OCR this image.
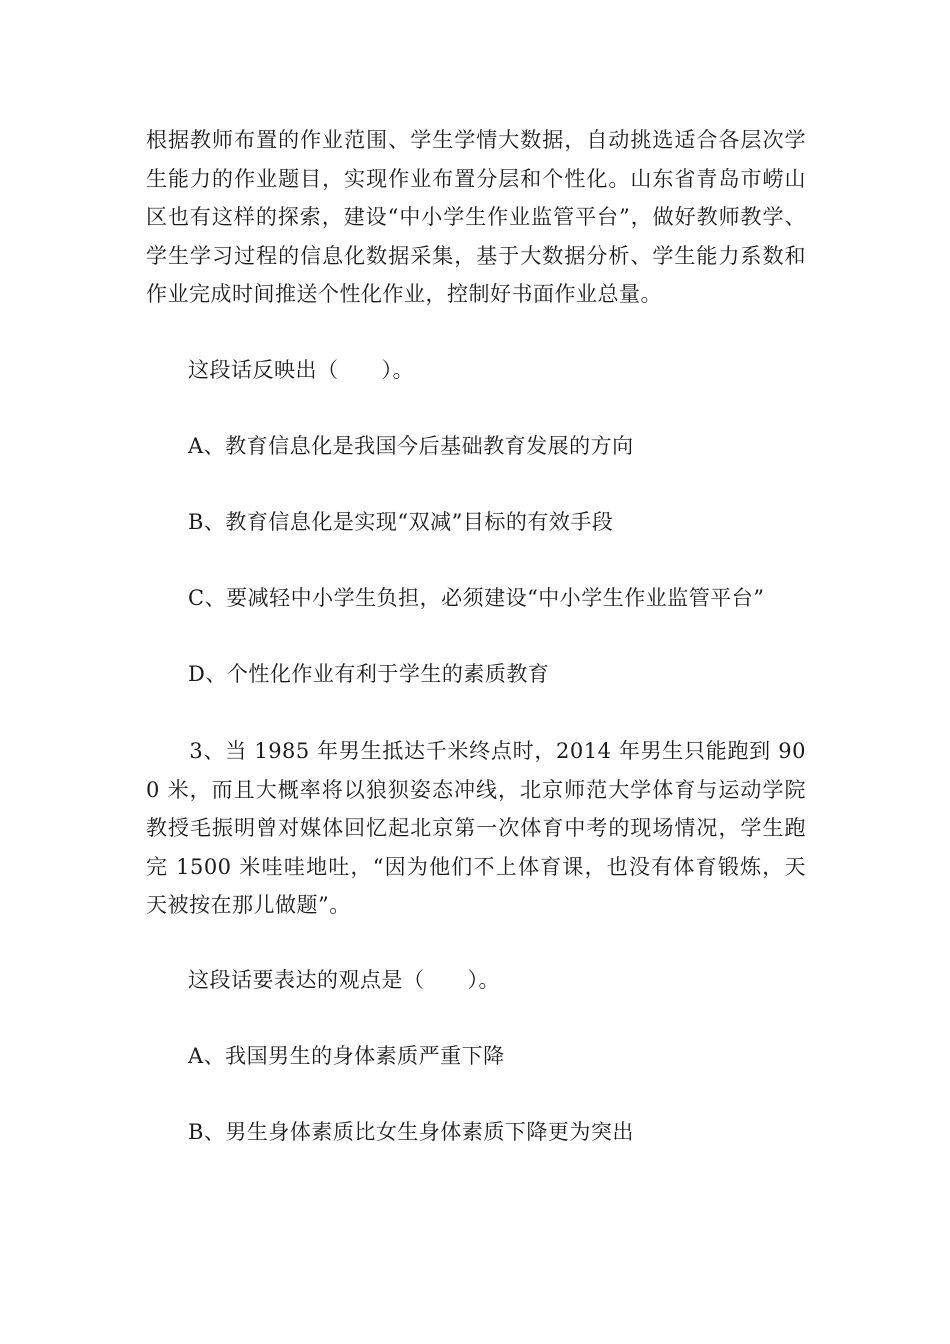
根据教师布置的作业范围、学生学情大数据，自动挑选适合各层次学生能力的作业题目，实现作业布置分层和个性化。山东省青岛市崂山区也有这样的探索，建设“中小学生作业监管平台”，做好教师教学、学生学习过程的信息化数据采集，基于大数据分析、学生能力系数和作业完成时间推送个性化作业，控制好书面作业总量。

这段话反映出（　　）。

A、教育信息化是我国今后基础教育发展的方向

B、教育信息化是实现“双减”目标的有效手段

C、要减轻中小学生负担，必须建设“中小学生作业监管平台”

D、个性化作业有利于学生的素质教育

　　3、当 1985 年男生抵达千米终点时，2014 年男生只能跑到 900 米，而且大概率将以狼狈姿态冲线，北京师范大学体育与运动学院教授毛振明曾对媒体回忆起北京第一次体育中考的现场情况，学生跑完 1500 米哇哇地吐，“因为他们不上体育课，也没有体育锻炼，天天被按在那儿做题”。

这段话要表达的观点是（　　）。

A、我国男生的身体素质严重下降

B、男生身体素质比女生身体素质下降更为突出
